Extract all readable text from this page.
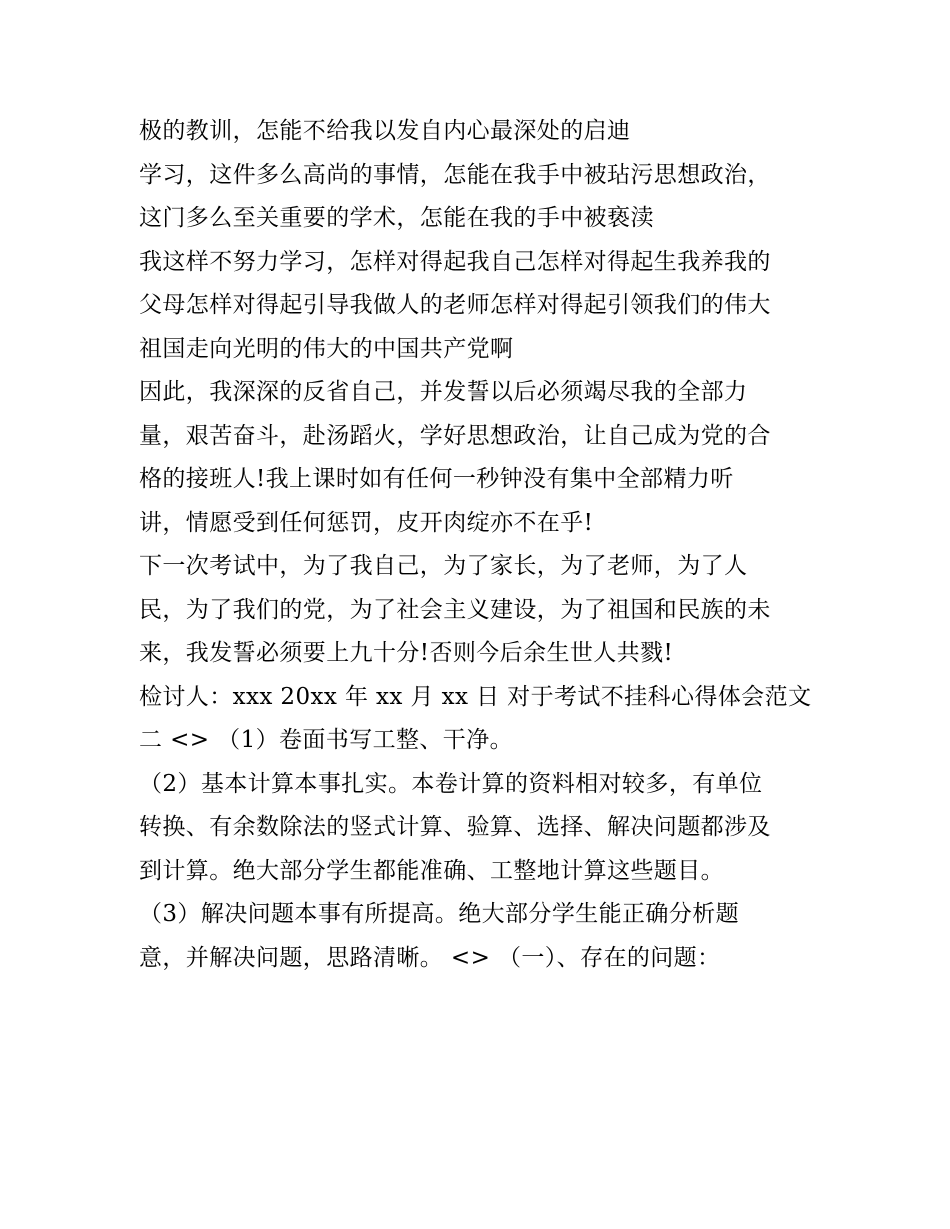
极的教训，怎能不给我以发自内心最深处的启迪
学习，这件多么高尚的事情，怎能在我手中被玷污思想政治，
这门多么至关重要的学术，怎能在我的手中被亵渎
我这样不努力学习，怎样对得起我自己怎样对得起生我养我的
父母怎样对得起引导我做人的老师怎样对得起引领我们的伟大
祖国走向光明的伟大的中国共产党啊
因此，我深深的反省自己，并发誓以后必须竭尽我的全部力
量，艰苦奋斗，赴汤蹈火，学好思想政治，让自己成为党的合
格的接班人!我上课时如有任何一秒钟没有集中全部精力听
讲，情愿受到任何惩罚，皮开肉绽亦不在乎!
下一次考试中，为了我自己，为了家长，为了老师，为了人
民，为了我们的党，为了社会主义建设，为了祖国和民族的未
来，我发誓必须要上九十分!否则今后余生世人共戮!
检讨人：xxx 20xx 年 xx 月 xx 日 对于考试不挂科心得体会范文
二 <> （1）卷面书写工整、干净。
（2）基本计算本事扎实。本卷计算的资料相对较多，有单位
转换、有余数除法的竖式计算、验算、选择、解决问题都涉及
到计算。绝大部分学生都能准确、工整地计算这些题目。
（3）解决问题本事有所提高。绝大部分学生能正确分析题
意，并解决问题，思路清晰。 <> （一）、存在的问题：
